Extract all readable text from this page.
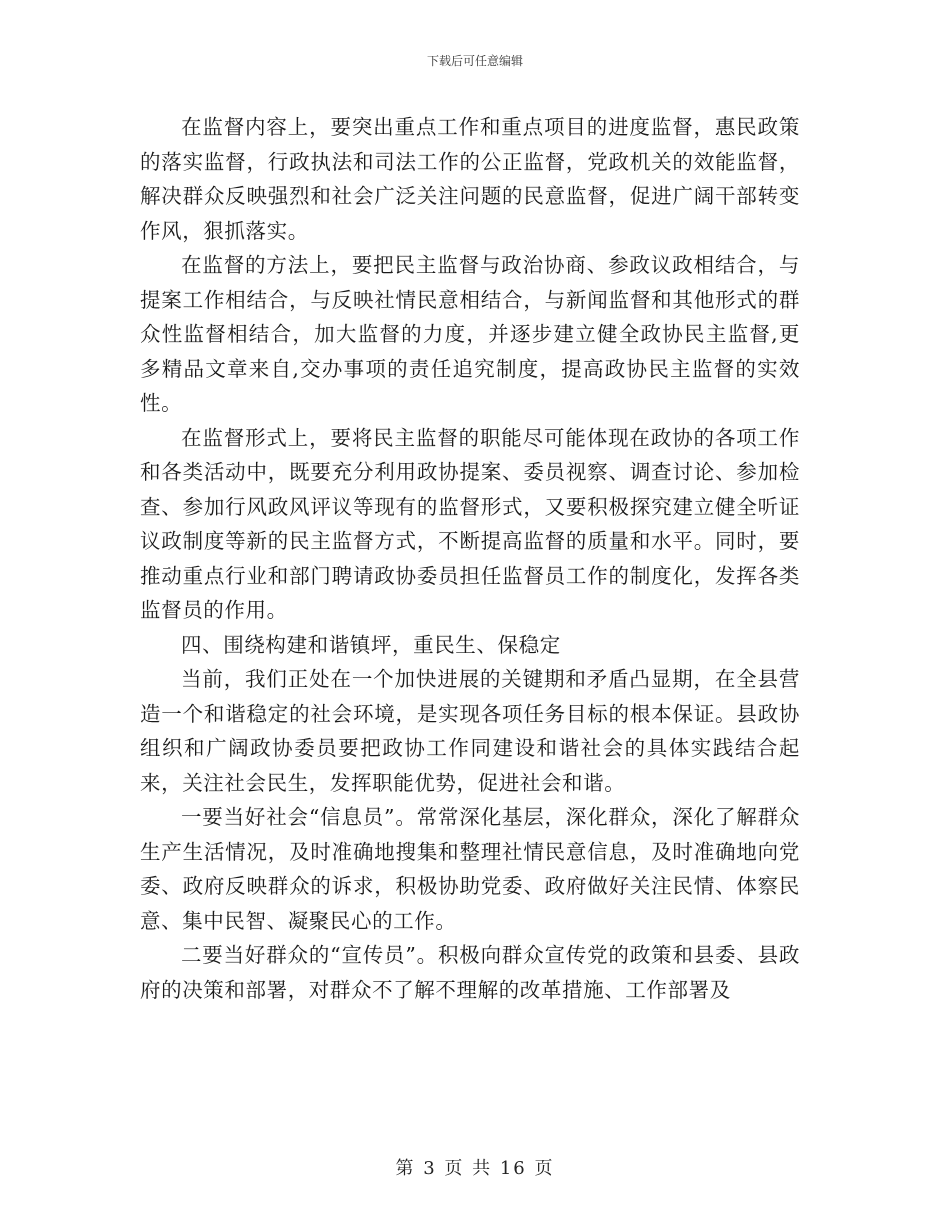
下载后可任意编辑

在监督内容上，要突出重点工作和重点项目的进度监督，惠民政策的落实监督，行政执法和司法工作的公正监督，党政机关的效能监督，解决群众反映强烈和社会广泛关注问题的民意监督，促进广阔干部转变作风，狠抓落实。

在监督的方法上，要把民主监督与政治协商、参政议政相结合，与提案工作相结合，与反映社情民意相结合，与新闻监督和其他形式的群众性监督相结合，加大监督的力度，并逐步建立健全政协民主监督,更多精品文章来自,交办事项的责任追究制度，提高政协民主监督的实效性。

在监督形式上，要将民主监督的职能尽可能体现在政协的各项工作和各类活动中，既要充分利用政协提案、委员视察、调查讨论、参加检查、参加行风政风评议等现有的监督形式，又要积极探究建立健全听证议政制度等新的民主监督方式，不断提高监督的质量和水平。同时，要推动重点行业和部门聘请政协委员担任监督员工作的制度化，发挥各类监督员的作用。

四、围绕构建和谐镇坪，重民生、保稳定

当前，我们正处在一个加快进展的关键期和矛盾凸显期，在全县营造一个和谐稳定的社会环境，是实现各项任务目标的根本保证。县政协组织和广阔政协委员要把政协工作同建设和谐社会的具体实践结合起来，关注社会民生，发挥职能优势，促进社会和谐。

一要当好社会“信息员”。常常深化基层，深化群众，深化了解群众生产生活情况，及时准确地搜集和整理社情民意信息，及时准确地向党委、政府反映群众的诉求，积极协助党委、政府做好关注民情、体察民意、集中民智、凝聚民心的工作。

二要当好群众的“宣传员”。积极向群众宣传党的政策和县委、县政府的决策和部署，对群众不了解不理解的改革措施、工作部署及

第 3 页 共 16 页
